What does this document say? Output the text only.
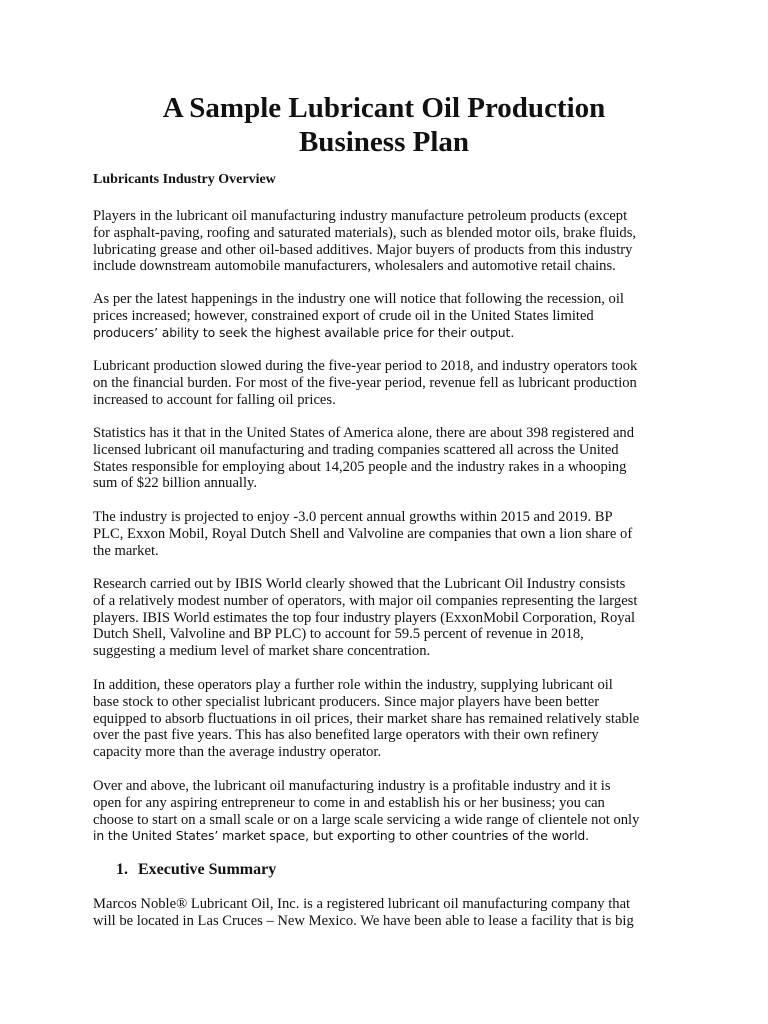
A Sample Lubricant Oil Production
Business Plan
Lubricants Industry Overview

Players in the lubricant oil manufacturing industry manufacture petroleum products (except
for asphalt-paving, roofing and saturated materials), such as blended motor oils, brake fluids,
lubricating grease and other oil-based additives. Major buyers of products from this industry
include downstream automobile manufacturers, wholesalers and automotive retail chains.

As per the latest happenings in the industry one will notice that following the recession, oil
prices increased; however, constrained export of crude oil in the United States limited
producers’ ability to seek the highest available price for their output.

Lubricant production slowed during the five-year period to 2018, and industry operators took
on the financial burden. For most of the five-year period, revenue fell as lubricant production
increased to account for falling oil prices.

Statistics has it that in the United States of America alone, there are about 398 registered and
licensed lubricant oil manufacturing and trading companies scattered all across the United
States responsible for employing about 14,205 people and the industry rakes in a whooping
sum of $22 billion annually.

The industry is projected to enjoy -3.0 percent annual growths within 2015 and 2019. BP
PLC, Exxon Mobil, Royal Dutch Shell and Valvoline are companies that own a lion share of
the market.

Research carried out by IBIS World clearly showed that the Lubricant Oil Industry consists
of a relatively modest number of operators, with major oil companies representing the largest
players. IBIS World estimates the top four industry players (ExxonMobil Corporation, Royal
Dutch Shell, Valvoline and BP PLC) to account for 59.5 percent of revenue in 2018,
suggesting a medium level of market share concentration.

In addition, these operators play a further role within the industry, supplying lubricant oil
base stock to other specialist lubricant producers. Since major players have been better
equipped to absorb fluctuations in oil prices, their market share has remained relatively stable
over the past five years. This has also benefited large operators with their own refinery
capacity more than the average industry operator.

Over and above, the lubricant oil manufacturing industry is a profitable industry and it is
open for any aspiring entrepreneur to come in and establish his or her business; you can
choose to start on a small scale or on a large scale servicing a wide range of clientele not only
in the United States’ market space, but exporting to other countries of the world.

1. Executive Summary

Marcos Noble® Lubricant Oil, Inc. is a registered lubricant oil manufacturing company that
will be located in Las Cruces – New Mexico. We have been able to lease a facility that is big
